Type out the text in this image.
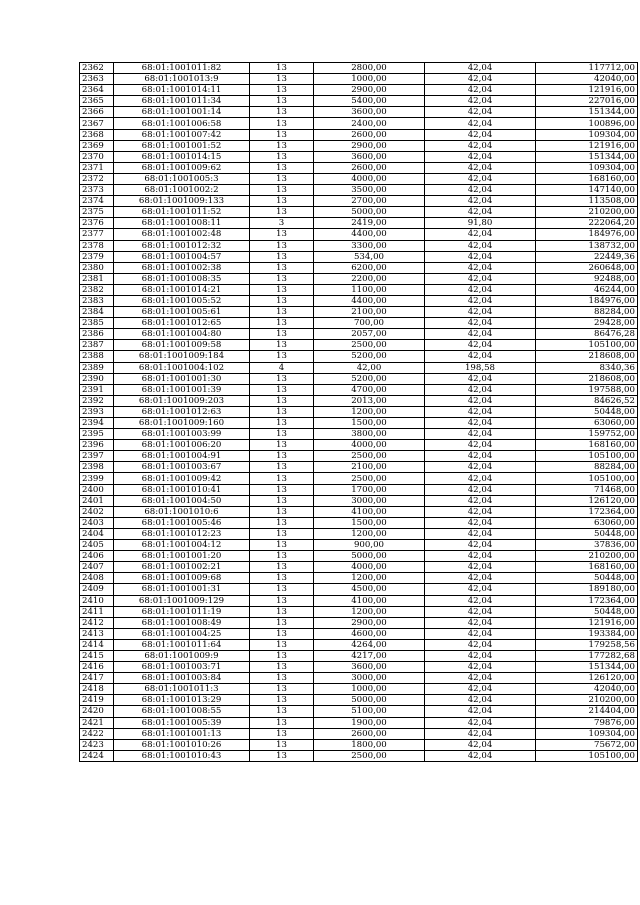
2362	68:01:1001011:82	13	2800,00	42,04	117712,00
2363	68:01:1001013:9	13	1000,00	42,04	42040,00
2364	68:01:1001014:11	13	2900,00	42,04	121916,00
2365	68:01:1001011:34	13	5400,00	42,04	227016,00
2366	68:01:1001001:14	13	3600,00	42,04	151344,00
2367	68:01:1001006:58	13	2400,00	42,04	100896,00
2368	68:01:1001007:42	13	2600,00	42,04	109304,00
2369	68:01:1001001:52	13	2900,00	42,04	121916,00
2370	68:01:1001014:15	13	3600,00	42,04	151344,00
2371	68:01:1001009:62	13	2600,00	42,04	109304,00
2372	68:01:1001005:3	13	4000,00	42,04	168160,00
2373	68:01:1001002:2	13	3500,00	42,04	147140,00
2374	68:01:1001009:133	13	2700,00	42,04	113508,00
2375	68:01:1001011:52	13	5000,00	42,04	210200,00
2376	68:01:1001008:11	3	2419,00	91,80	222064,20
2377	68:01:1001002:48	13	4400,00	42,04	184976,00
2378	68:01:1001012:32	13	3300,00	42,04	138732,00
2379	68:01:1001004:57	13	534,00	42,04	22449,36
2380	68:01:1001002:38	13	6200,00	42,04	260648,00
2381	68:01:1001008:35	13	2200,00	42,04	92488,00
2382	68:01:1001014:21	13	1100,00	42,04	46244,00
2383	68:01:1001005:52	13	4400,00	42,04	184976,00
2384	68:01:1001005:61	13	2100,00	42,04	88284,00
2385	68:01:1001012:65	13	700,00	42,04	29428,00
2386	68:01:1001004:80	13	2057,00	42,04	86476,28
2387	68:01:1001009:58	13	2500,00	42,04	105100,00
2388	68:01:1001009:184	13	5200,00	42,04	218608,00
2389	68:01:1001004:102	4	42,00	198,58	8340,36
2390	68:01:1001001:30	13	5200,00	42,04	218608,00
2391	68:01:1001001:39	13	4700,00	42,04	197588,00
2392	68:01:1001009:203	13	2013,00	42,04	84626,52
2393	68:01:1001012:63	13	1200,00	42,04	50448,00
2394	68:01:1001009:160	13	1500,00	42,04	63060,00
2395	68:01:1001003:99	13	3800,00	42,04	159752,00
2396	68:01:1001006:20	13	4000,00	42,04	168160,00
2397	68:01:1001004:91	13	2500,00	42,04	105100,00
2398	68:01:1001003:67	13	2100,00	42,04	88284,00
2399	68:01:1001009:42	13	2500,00	42,04	105100,00
2400	68:01:1001010:41	13	1700,00	42,04	71468,00
2401	68:01:1001004:50	13	3000,00	42,04	126120,00
2402	68:01:1001010:6	13	4100,00	42,04	172364,00
2403	68:01:1001005:46	13	1500,00	42,04	63060,00
2404	68:01:1001012:23	13	1200,00	42,04	50448,00
2405	68:01:1001004:12	13	900,00	42,04	37836,00
2406	68:01:1001001:20	13	5000,00	42,04	210200,00
2407	68:01:1001002:21	13	4000,00	42,04	168160,00
2408	68:01:1001009:68	13	1200,00	42,04	50448,00
2409	68:01:1001001:31	13	4500,00	42,04	189180,00
2410	68:01:1001009:129	13	4100,00	42,04	172364,00
2411	68:01:1001011:19	13	1200,00	42,04	50448,00
2412	68:01:1001008:49	13	2900,00	42,04	121916,00
2413	68:01:1001004:25	13	4600,00	42,04	193384,00
2414	68:01:1001011:64	13	4264,00	42,04	179258,56
2415	68:01:1001009:9	13	4217,00	42,04	177282,68
2416	68:01:1001003:71	13	3600,00	42,04	151344,00
2417	68:01:1001003:84	13	3000,00	42,04	126120,00
2418	68:01:1001011:3	13	1000,00	42,04	42040,00
2419	68:01:1001013:29	13	5000,00	42,04	210200,00
2420	68:01:1001008:55	13	5100,00	42,04	214404,00
2421	68:01:1001005:39	13	1900,00	42,04	79876,00
2422	68:01:1001001:13	13	2600,00	42,04	109304,00
2423	68:01:1001010:26	13	1800,00	42,04	75672,00
2424	68:01:1001010:43	13	2500,00	42,04	105100,00
